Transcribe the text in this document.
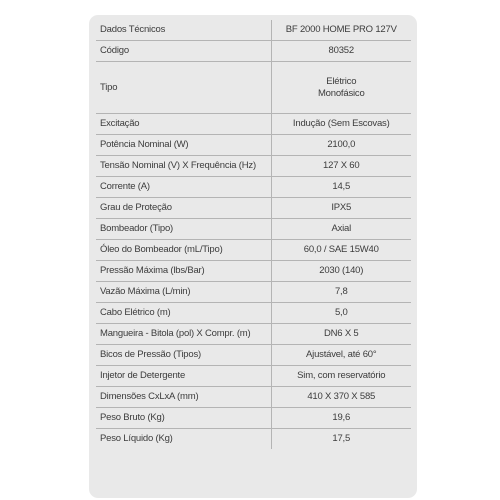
Dados Técnicos	BF 2000 HOME PRO 127V

Código	80352

Tipo	Elétrico
Monofásico

Excitação	Indução (Sem Escovas)

Potência Nominal (W)	2100,0

Tensão Nominal (V) X Frequência (Hz)	127 X 60

Corrente (A)	14,5

Grau de Proteção	IPX5

Bombeador (Tipo)	Axial

Óleo do Bombeador (mL/Tipo)	60,0 / SAE 15W40

Pressão Máxima (lbs/Bar)	2030 (140)

Vazão Máxima (L/min)	7,8

Cabo Elétrico (m)	5,0

Mangueira - Bitola (pol) X Compr. (m)	DN6 X 5

Bicos de Pressão (Tipos)	Ajustável, até 60°

Injetor de Detergente	Sim, com reservatório

Dimensões CxLxA (mm)	410 X 370 X 585

Peso Bruto (Kg)	19,6

Peso Líquido (Kg)	17,5
